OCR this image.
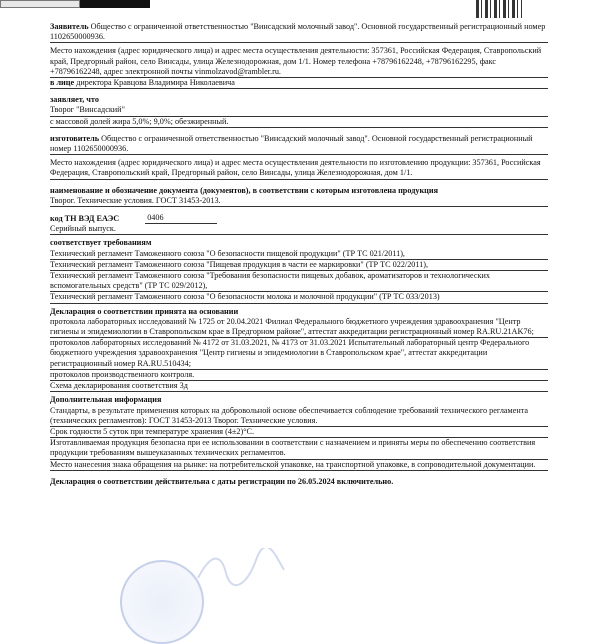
Заявитель Общество с ограниченной ответственностью "Винсадский молочный завод". Основной государственный регистрационный номер 1102650000936.
Место нахождения (адрес юридического лица) и адрес места осуществления деятельности: 357361, Российская Федерация, Ставропольский край, Предгорный район, село Винсады, улица Железнодорожная, дом 1/1. Номер телефона +78796162248, +78796162295, факс +78796162248, адрес электронной почты vinmolzavod@rambler.ru.
в лице директора Кравцова Владимира Николаевича
заявляет, что
Творог "Винсадский"
с массовой долей жира 5,0%; 9,0%; обезжиренный.
изготовитель Общество с ограниченной ответственностью "Винсадский молочный завод". Основной государственный регистрационный номер 1102650000936.
Место нахождения (адрес юридического лица) и адрес места осуществления деятельности по изготовлению продукции: 357361, Российская Федерация, Ставропольский край, Предгорный район, село Винсады, улица Железнодорожная, дом 1/1.
наименование и обозначение документа (документов), в соответствии с которым изготовлена продукция
Творог. Технические условия. ГОСТ 31453-2013.
код ТН ВЭД ЕАЭС	0406
Серийный выпуск.
соответствует требованиям
Технический регламент Таможенного союза "О безопасности пищевой продукции" (ТР ТС 021/2011),
Технический регламент Таможенного союза "Пищевая продукция в части ее маркировки" (ТР ТС 022/2011),
Технический регламент Таможенного союза "Требования безопасности пищевых добавок, ароматизаторов и технологических вспомогательных средств" (ТР ТС 029/2012),
Технический регламент Таможенного союза "О безопасности молока и молочной продукции" (ТР ТС 033/2013)
Декларация о соответствии принята на основании
протокола лабораторных исследований № 1725 от 20.04.2021 Филиал Федерального бюджетного учреждения здравоохранения "Центр гигиены и эпидемиологии в Ставропольском крае в Предгорном районе", аттестат аккредитации регистрационный номер RA.RU.21AK76;
протоколов лабораторных исследований № 4172 от 31.03.2021, № 4173 от 31.03.2021 Испытательный лабораторный центр Федерального бюджетного учреждения здравоохранения "Центр гигиены и эпидемиологии в Ставропольском крае", аттестат аккредитации регистрационный номер RA.RU.510434;
протоколов производственного контроля.
Схема декларирования соответствия 3д
Дополнительная информация
Стандарты, в результате применения которых на добровольной основе обеспечивается соблюдение требований технического регламента (технических регламентов): ГОСТ 31453-2013 Творог. Технические условия.
Срок годности 5 суток при температуре хранения (4±2)°С.
Изготавливаемая продукция безопасна при ее использовании в соответствии с назначением и приняты меры по обеспечению соответствия продукции требованиям вышеуказанных технических регламентов.
Место нанесения знака обращения на рынке: на потребительской упаковке, на транспортной упаковке, в сопроводительной документации.
Декларация о соответствии действительна с даты регистрации по 26.05.2024 включительно.
